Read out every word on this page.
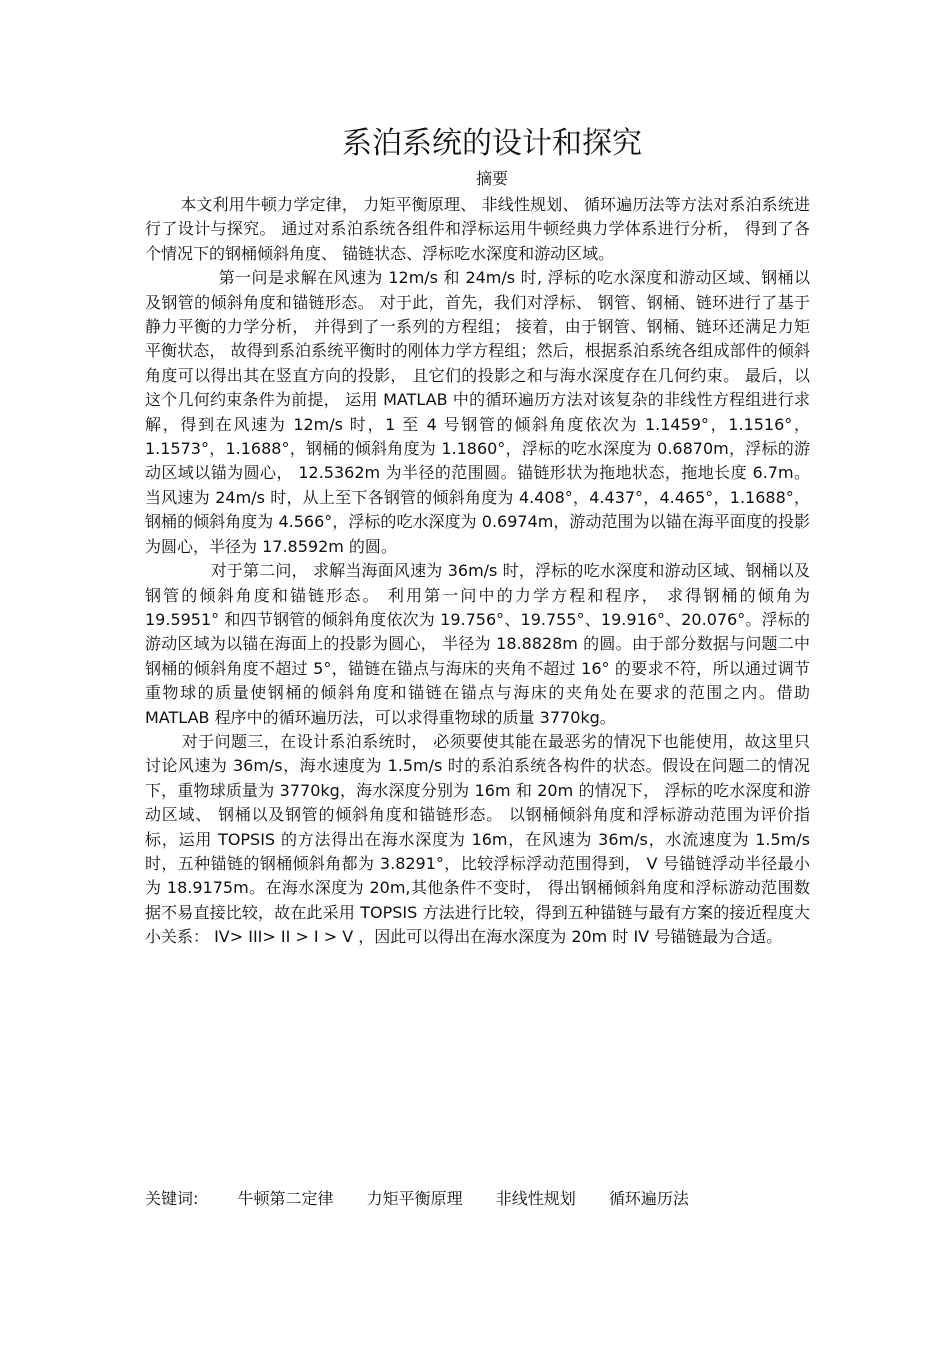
系泊系统的设计和探究
摘要

本文利用牛顿力学定律， 力矩平衡原理、 非线性规划、 循环遍历法等方法对系泊系统进行了设计与探究。 通过对系泊系统各组件和浮标运用牛顿经典力学体系进行分析， 得到了各个情况下的钢桶倾斜角度、 锚链状态、浮标吃水深度和游动区域。

第一问是求解在风速为 12m/s 和 24m/s 时, 浮标的吃水深度和游动区域、钢桶以及钢管的倾斜角度和锚链形态。 对于此，首先，我们对浮标、 钢管、钢桶、链环进行了基于静力平衡的力学分析， 并得到了一系列的方程组； 接着，由于钢管、钢桶、链环还满足力矩平衡状态， 故得到系泊系统平衡时的刚体力学方程组；然后，根据系泊系统各组成部件的倾斜角度可以得出其在竖直方向的投影， 且它们的投影之和与海水深度存在几何约束。 最后，以这个几何约束条件为前提， 运用 MATLAB 中的循环遍历方法对该复杂的非线性方程组进行求解，得到在风速为 12m/s 时，1 至 4 号钢管的倾斜角度依次为 1.1459°，1.1516°，1.1573°，1.1688°，钢桶的倾斜角度为 1.1860°，浮标的吃水深度为 0.6870m，浮标的游动区域以锚为圆心， 12.5362m 为半径的范围圆。锚链形状为拖地状态，拖地长度 6.7m。当风速为 24m/s 时，从上至下各钢管的倾斜角度为 4.408°，4.437°，4.465°，1.1688°，钢桶的倾斜角度为 4.566°，浮标的吃水深度为 0.6974m，游动范围为以锚在海平面度的投影为圆心，半径为 17.8592m 的圆。

对于第二问， 求解当海面风速为 36m/s 时，浮标的吃水深度和游动区域、钢桶以及钢管的倾斜角度和锚链形态。 利用第一问中的力学方程和程序， 求得钢桶的倾角为 19.5951° 和四节钢管的倾斜角度依次为 19.756°、19.755°、19.916°、20.076°。浮标的游动区域为以锚在海面上的投影为圆心， 半径为 18.8828m 的圆。由于部分数据与问题二中钢桶的倾斜角度不超过 5°，锚链在锚点与海床的夹角不超过 16° 的要求不符，所以通过调节重物球的质量使钢桶的倾斜角度和锚链在锚点与海床的夹角处在要求的范围之内。借助 MATLAB 程序中的循环遍历法，可以求得重物球的质量 3770kg。

对于问题三，在设计系泊系统时， 必须要使其能在最恶劣的情况下也能使用，故这里只讨论风速为 36m/s，海水速度为 1.5m/s 时的系泊系统各构件的状态。假设在问题二的情况下，重物球质量为 3770kg，海水深度分别为 16m 和 20m 的情况下， 浮标的吃水深度和游动区域、 钢桶以及钢管的倾斜角度和锚链形态。 以钢桶倾斜角度和浮标游动范围为评价指标，运用 TOPSIS 的方法得出在海水深度为 16m，在风速为 36m/s，水流速度为 1.5m/s 时，五种锚链的钢桶倾斜角都为 3.8291°，比较浮标浮动范围得到， V 号锚链浮动半径最小为 18.9175m。在海水深度为 20m,其他条件不变时， 得出钢桶倾斜角度和浮标游动范围数据不易直接比较，故在此采用 TOPSIS 方法进行比较，得到五种锚链与最有方案的接近程度大小关系： IV> III> II > I > V ，因此可以得出在海水深度为 20m 时 IV 号锚链最为合适。

关键词: 牛顿第二定律 力矩平衡原理 非线性规划 循环遍历法
